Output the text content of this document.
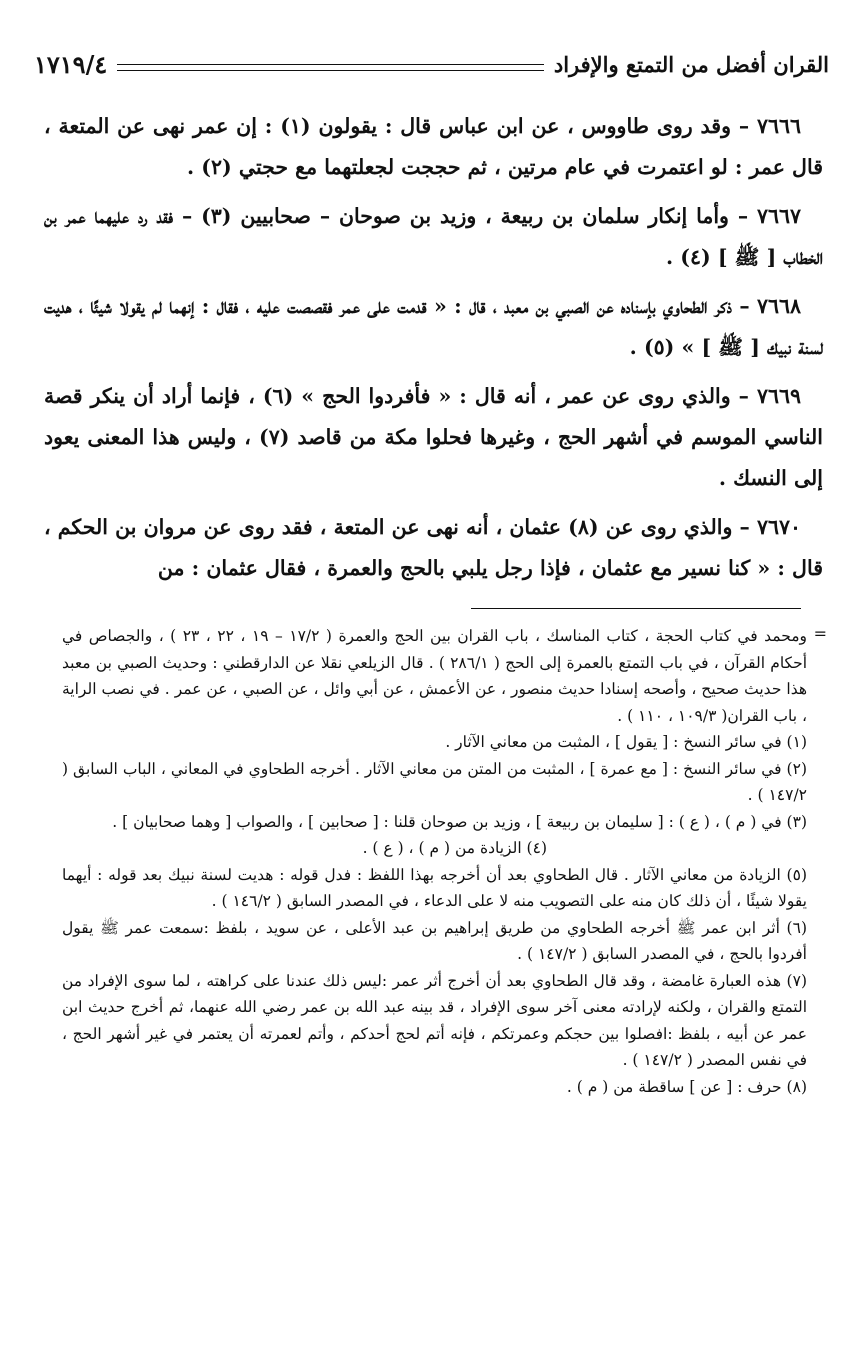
القران أفضل من التمتع والإفراد
١٧١٩/٤

٧٦٦٦ – وقد روى طاووس ، عن ابن عباس قال : يقولون (١) : إن عمر نهى عن المتعة ، قال عمر : لو اعتمرت في عام مرتين ، ثم حججت لجعلتهما مع حجتي (٢) .

٧٦٦٧ – وأما إنكار سلمان بن ربيعة ، وزيد بن صوحان – صحابيين (٣) – فقد رد عليهما عمر بن الخطاب [ ﷺ ] (٤) .

٧٦٦٨ – ذكر الطحاوي بإسناده عن الصبي بن معبد ، قال : « قدمت على عمر فقصصت عليه ، فقال : إنهما لم يقولا شيئًا ، هديت لسنة نبيك [ ﷺ ] » (٥) .

٧٦٦٩ – والذي روى عن عمر ، أنه قال : « فأفردوا الحج » (٦) ، فإنما أراد أن ينكر قصة الناسي الموسم في أشهر الحج ، وغيرها فحلوا مكة من قاصد (٧) ، وليس هذا المعنى يعود إلى النسك .

٧٦٧٠ – والذي روى عن (٨) عثمان ، أنه نهى عن المتعة ، فقد روى عن مروان بن الحكم ، قال : « كنا نسير مع عثمان ، فإذا رجل يلبي بالحج والعمرة ، فقال عثمان : من

=

ومحمد في كتاب الحجة ، كتاب المناسك ، باب القران بين الحج والعمرة ( ١٧/٢ – ١٩ ، ٢٢ ، ٢٣ ) ، والجصاص في أحكام القرآن ، في باب التمتع بالعمرة إلى الحج ( ٢٨٦/١ ) . قال الزيلعي نقلا عن الدارقطني : وحديث الصبي بن معبد هذا حديث صحيح ، وأصحه إسنادا حديث منصور ، عن الأعمش ، عن أبي وائل ، عن الصبي ، عن عمر . في نصب الراية ، باب القران( ١٠٩/٣ ، ١١٠ ) .

(١) في سائر النسخ : [ يقول ] ، المثبت من معاني الآثار .

(٢) في سائر النسخ : [ مع عمرة ] ، المثبت من المتن من معاني الآثار . أخرجه الطحاوي في المعاني ، الباب السابق ( ١٤٧/٢ ) .

(٣) في ( م ) ، ( ع ) : [ سليمان بن ربيعة ] ، وزيد بن صوحان قلنا : [ صحابين ] ، والصواب [ وهما صحابيان ] .

(٤) الزيادة من ( م ) ، ( ع ) .

(٥) الزيادة من معاني الآثار . قال الطحاوي بعد أن أخرجه بهذا اللفظ : فدل قوله : هديت لسنة نبيك بعد قوله : أيهما يقولا شيئًا ، أن ذلك كان منه على التصويب منه لا على الدعاء ، في المصدر السابق ( ١٤٦/٢ ) .

(٦) أثر ابن عمر ﷺ أخرجه الطحاوي من طريق إبراهيم بن عبد الأعلى ، عن سويد ، بلفظ :سمعت عمر ﷺ يقول أفردوا بالحج ، في المصدر السابق ( ١٤٧/٢ ) .

(٧) هذه العبارة غامضة ، وقد قال الطحاوي بعد أن أخرج أثر عمر :ليس ذلك عندنا على كراهته ، لما سوى الإفراد من التمتع والقران ، ولكنه لإرادته معنى آخر سوى الإفراد ، قد بينه عبد الله بن عمر رضي الله عنهما، ثم أخرج حديث ابن عمر عن أبيه ، بلفظ :افصلوا بين حجكم وعمرتكم ، فإنه أتم لحج أحدكم ، وأتم لعمرته أن يعتمر في غير أشهر الحج ، في نفس المصدر ( ١٤٧/٢ ) .

(٨) حرف : [ عن ] ساقطة من ( م ) .
